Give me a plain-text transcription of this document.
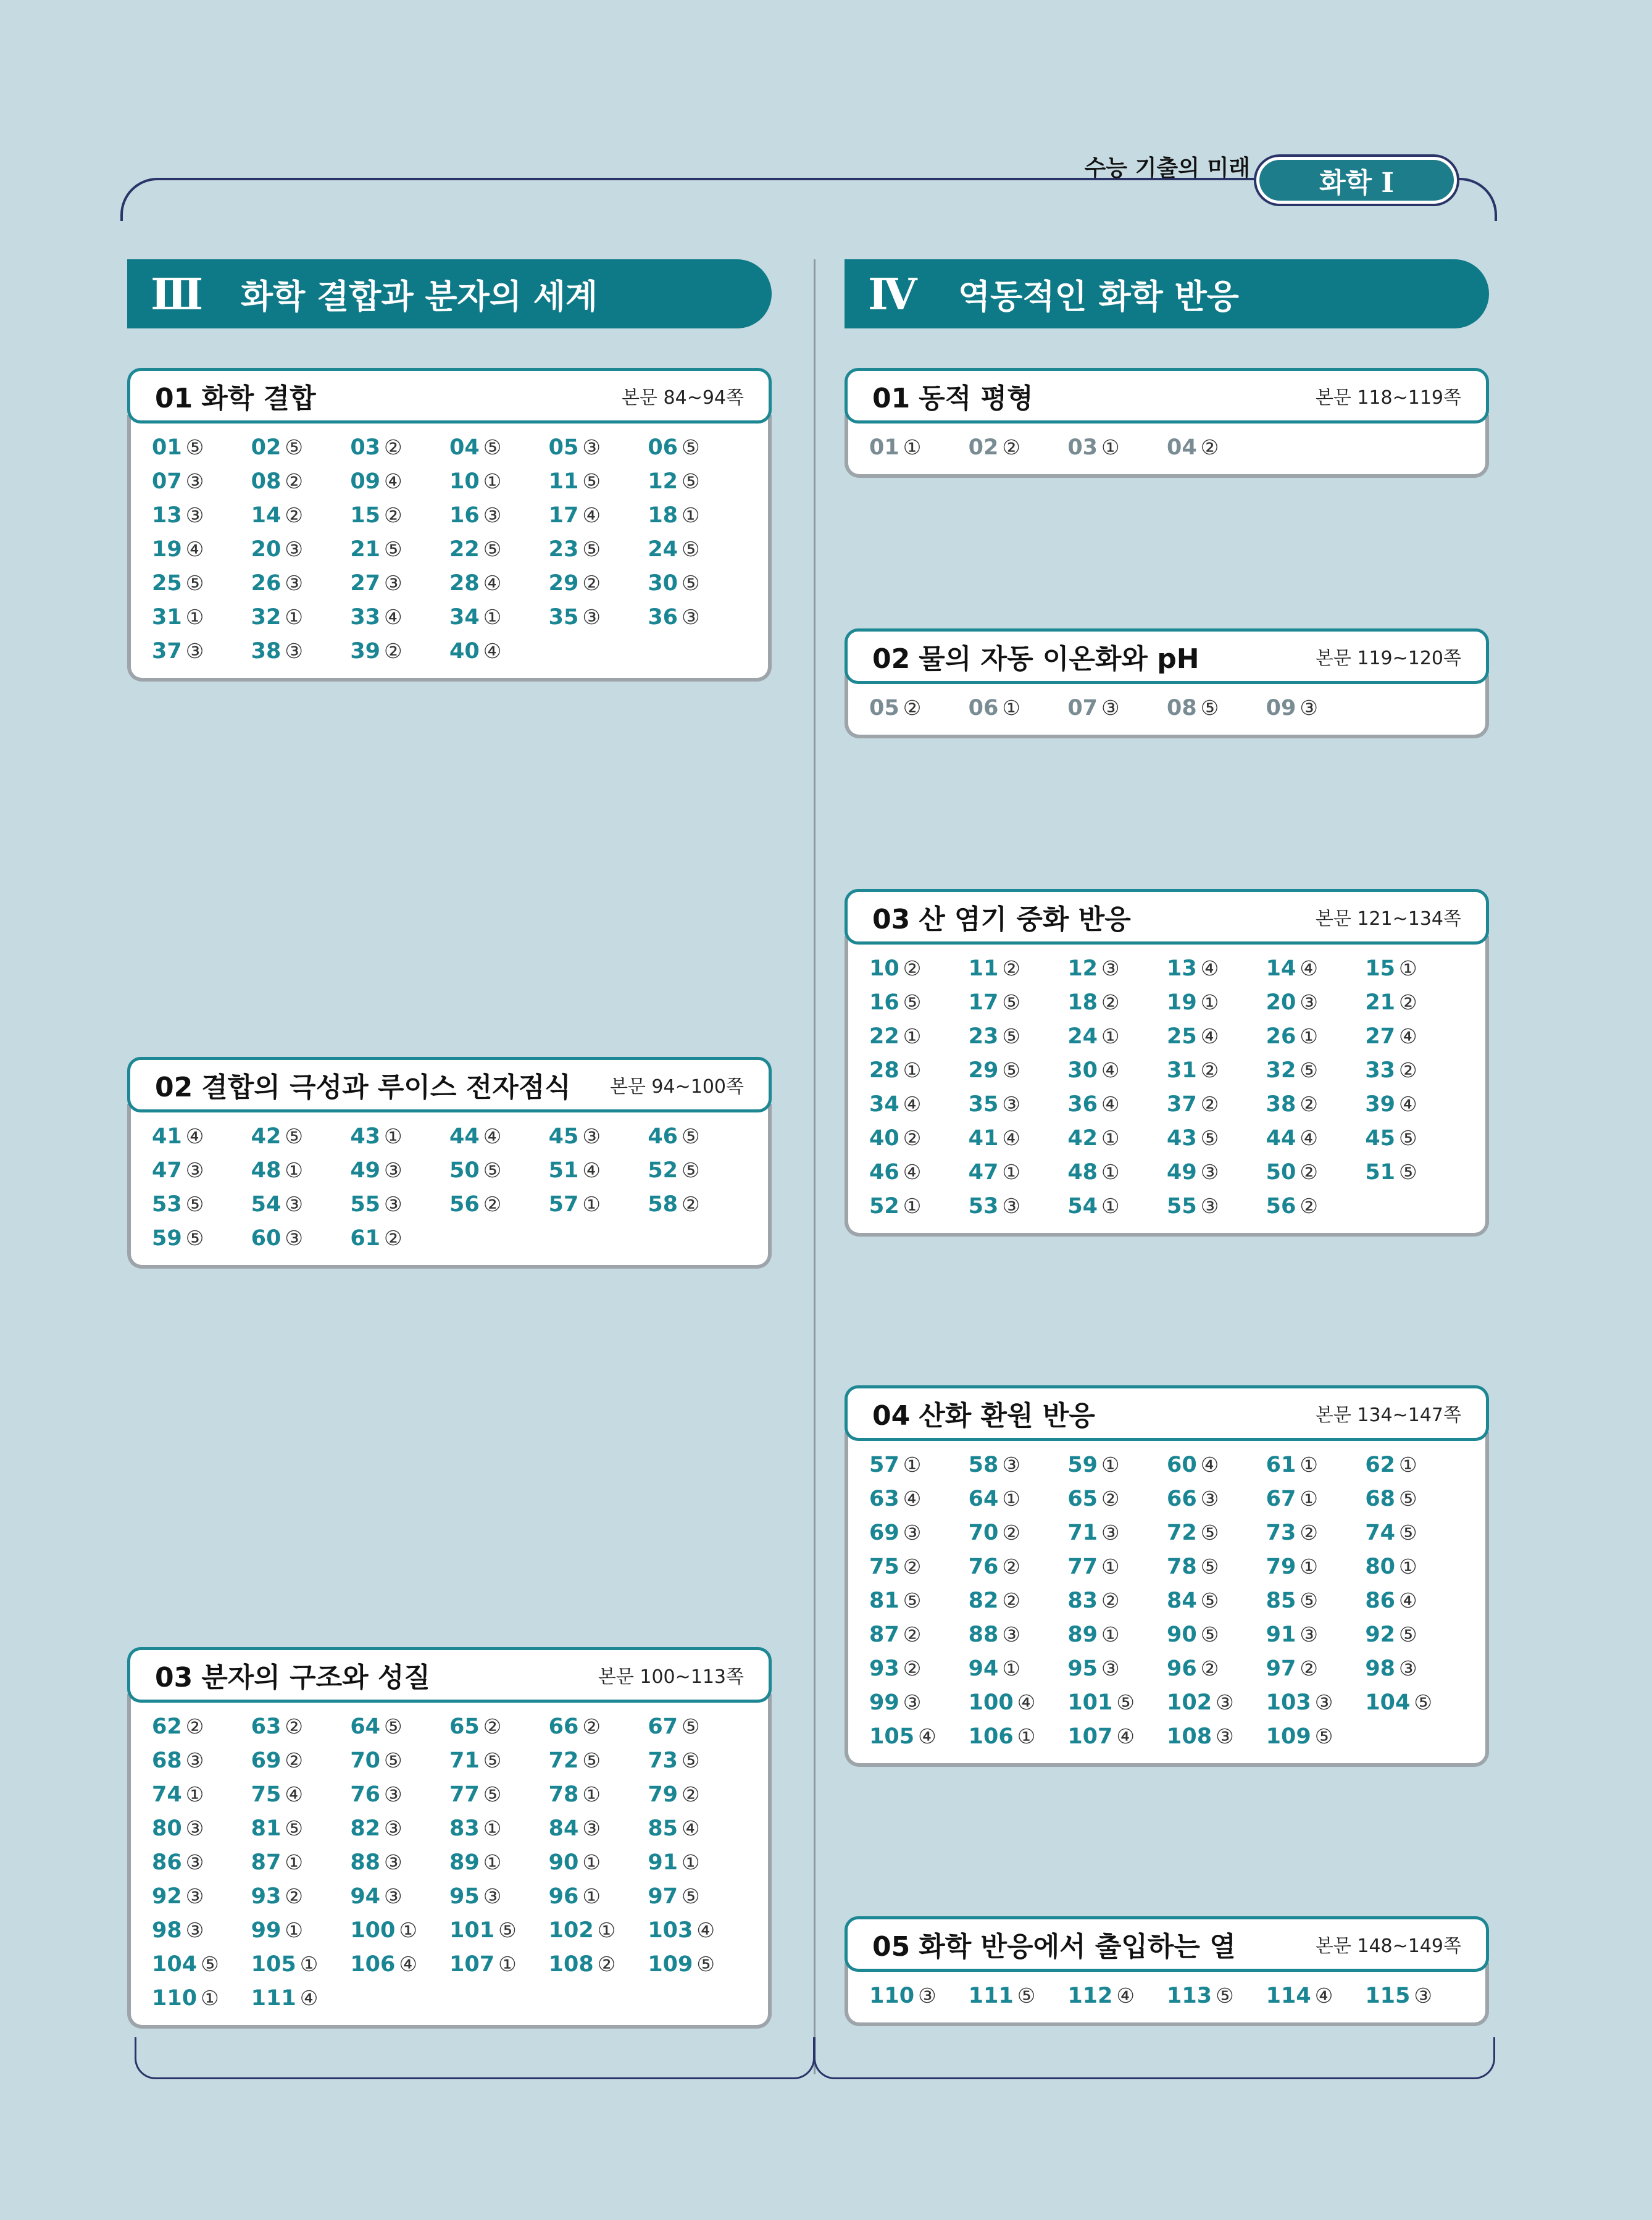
수능 기출의 미래	화학 Ⅰ
Ⅲ	화학 결합과 분자의 세계	Ⅳ	역동적인 화학 반응
01 화학 결합	본문 84~94쪽
01 ⑤	02 ⑤	03 ②	04 ⑤	05 ③	06 ⑤
07 ③	08 ②	09 ④	10 ①	11 ⑤	12 ⑤
13 ③	14 ②	15 ②	16 ③	17 ④	18 ①
19 ④	20 ③	21 ⑤	22 ⑤	23 ⑤	24 ⑤
25 ⑤	26 ③	27 ③	28 ④	29 ②	30 ⑤
31 ①	32 ①	33 ④	34 ①	35 ③	36 ③
37 ③	38 ③	39 ②	40 ④
02 결합의 극성과 루이스 전자점식 본문 94~100쪽
41 ④	42 ⑤	43 ①	44 ④	45 ③	46 ⑤
47 ③	48 ①	49 ③	50 ⑤	51 ④	52 ⑤
53 ⑤	54 ③	55 ③	56 ②	57 ①	58 ②
59 ⑤	60 ③	61 ②
03 분자의 구조와 성질	본문 100~113쪽
62 ②	63 ②	64 ⑤	65 ②	66 ②	67 ⑤
68 ③	69 ②	70 ⑤	71 ⑤	72 ⑤	73 ⑤
74 ①	75 ④	76 ③	77 ⑤	78 ①	79 ②
80 ③	81 ⑤	82 ③	83 ①	84 ③	85 ④
86 ③	87 ①	88 ③	89 ①	90 ①	91 ①
92 ③	93 ②	94 ③	95 ③	96 ①	97 ⑤
98 ③	99 ①	100 ①	101 ⑤	102 ①	103 ④
104 ⑤	105 ①	106 ④	107 ①	108 ②	109 ⑤
110 ①	111 ④
01 동적 평형	본문 118~119쪽
01 ①	02 ②	03 ①	04 ②
02 물의 자동 이온화와 pH	본문 119~120쪽
05 ②	06 ①	07 ③	08 ⑤	09 ③
03 산 염기 중화 반응	본문 121~134쪽
10 ②	11 ②	12 ③	13 ④	14 ④	15 ①
16 ⑤	17 ⑤	18 ②	19 ①	20 ③	21 ②
22 ①	23 ⑤	24 ①	25 ④	26 ①	27 ④
28 ①	29 ⑤	30 ④	31 ②	32 ⑤	33 ②
34 ④	35 ③	36 ④	37 ②	38 ②	39 ④
40 ②	41 ④	42 ①	43 ⑤	44 ④	45 ⑤
46 ④	47 ①	48 ①	49 ③	50 ②	51 ⑤
52 ①	53 ③	54 ①	55 ③	56 ②
04 산화 환원 반응	본문 134~147쪽
57 ①	58 ③	59 ①	60 ④	61 ①	62 ①
63 ④	64 ①	65 ②	66 ③	67 ①	68 ⑤
69 ③	70 ②	71 ③	72 ⑤	73 ②	74 ⑤
75 ②	76 ②	77 ①	78 ⑤	79 ①	80 ①
81 ⑤	82 ②	83 ②	84 ⑤	85 ⑤	86 ④
87 ②	88 ③	89 ①	90 ⑤	91 ③	92 ⑤
93 ②	94 ①	95 ③	96 ②	97 ②	98 ③
99 ③	100 ④	101 ⑤	102 ③	103 ③	104 ⑤
105 ④	106 ①	107 ④	108 ③	109 ⑤
05 화학 반응에서 출입하는 열	본문 148~149쪽
110 ③	111 ⑤	112 ④	113 ⑤	114 ④	115 ③
